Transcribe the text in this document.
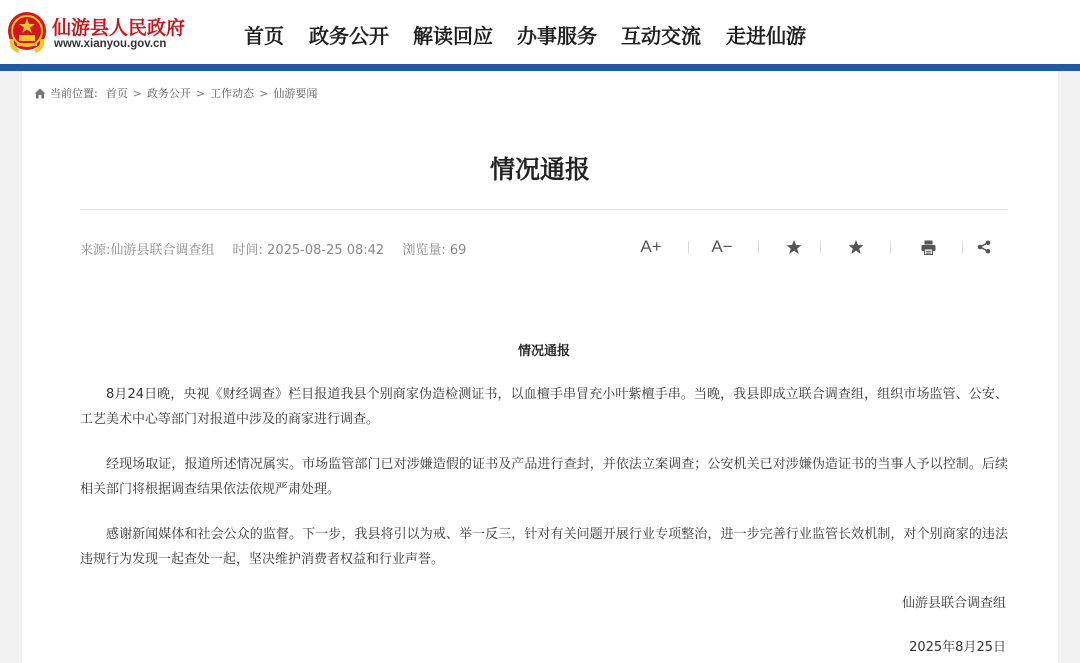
仙游县人民政府
www.xianyou.gov.cn	首页 政务公开 解读回应 办事服务 互动交流 走进仙游
当前位置: 首页 > 政务公开 > 工作动态 > 仙游要闻
情况通报
来源:仙游县联合调查组 时间: 2025-08-25 08:42 浏览量: 69	A+	A−
情况通报

8月24日晚，央视《财经调查》栏目报道我县个别商家伪造检测证书，以血檀手串冒充小叶紫檀手串。当晚，我县即成立联合调查组，组织市场监管、公安、工艺美术中心等部门对报道中涉及的商家进行调查。

经现场取证，报道所述情况属实。市场监管部门已对涉嫌造假的证书及产品进行查封，并依法立案调查；公安机关已对涉嫌伪造证书的当事人予以控制。后续相关部门将根据调查结果依法依规严肃处理。

感谢新闻媒体和社会公众的监督。下一步，我县将引以为戒、举一反三，针对有关问题开展行业专项整治，进一步完善行业监管长效机制，对个别商家的违法违规行为发现一起查处一起，坚决维护消费者权益和行业声誉。

仙游县联合调查组
2025年8月25日
